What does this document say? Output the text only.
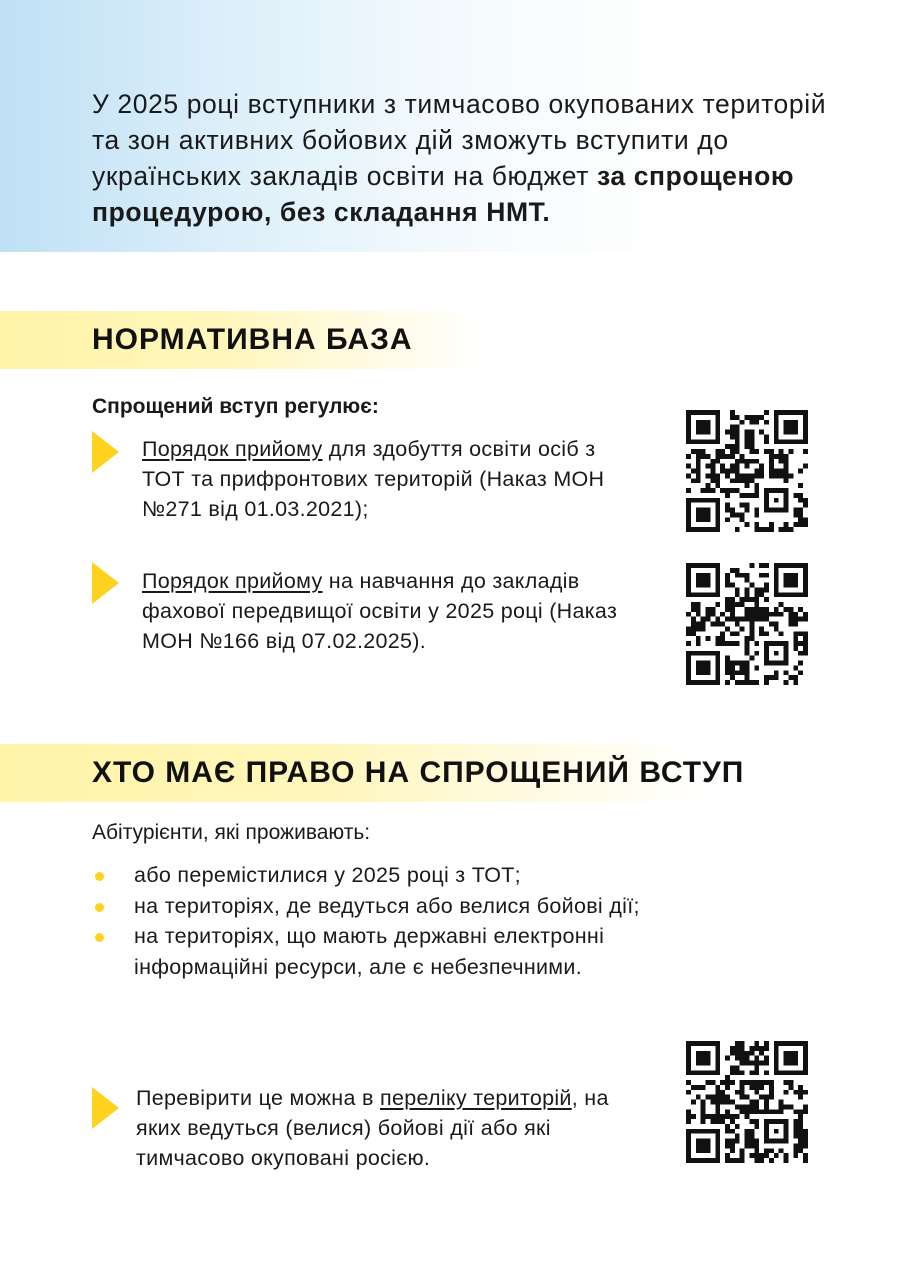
У 2025 році вступники з тимчасово окупованих територій та зон активних бойових дій зможуть вступити до українських закладів освіти на бюджет за спрощеною процедурою, без складання НМТ.

НОРМАТИВНА БАЗА

Спрощений вступ регулює:

Порядок прийому для здобуття освіти осіб з ТОТ та прифронтових територій (Наказ МОН №271 від 01.03.2021);

Порядок прийому на навчання до закладів фахової передвищої освіти у 2025 році (Наказ МОН №166 від 07.02.2025).

ХТО МАЄ ПРАВО НА СПРОЩЕНИЙ ВСТУП

Абітурієнти, які проживають:

або перемістилися у 2025 році з ТОТ;
на територіях, де ведуться або велися бойові дії;
на територіях, що мають державні електронні інформаційні ресурси, але є небезпечними.

Перевірити це можна в переліку територій, на яких ведуться (велися) бойові дії або які тимчасово окуповані росією.
